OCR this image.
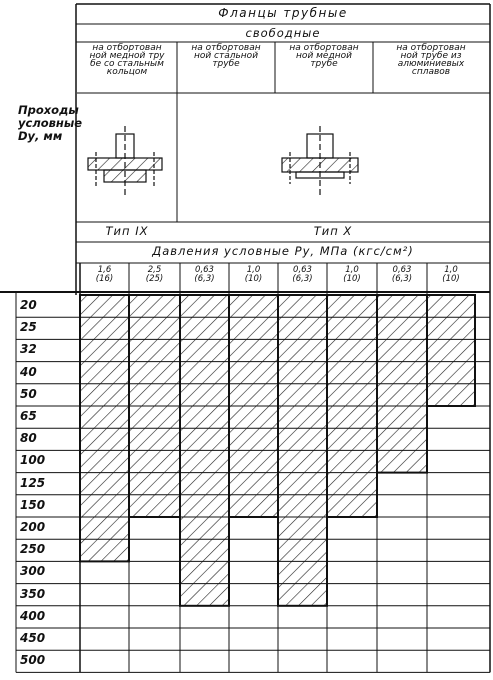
Фланцы трубные
свободные
Проходы
условные
Dу, мм
на отбортован
ной медной тру
бе со стальным
кольцом
на отбортован
ной стальной
трубе
на отбортован
ной медной
трубе
на отбортован
ной трубе из
алюминиевых
сплавов
Тип IX	Тип X
Давления условные Ру, МПа (кгс/см²)
1,6
(16)
2,5
(25)
0,63
(6,3)
1,0
(10)
0,63
(6,3)
1,0
(10)
0,63
(6,3)
1,0
(10)
20
25
32
40
50
65
80
100
125
150
200
250
300
350
400
450
500
